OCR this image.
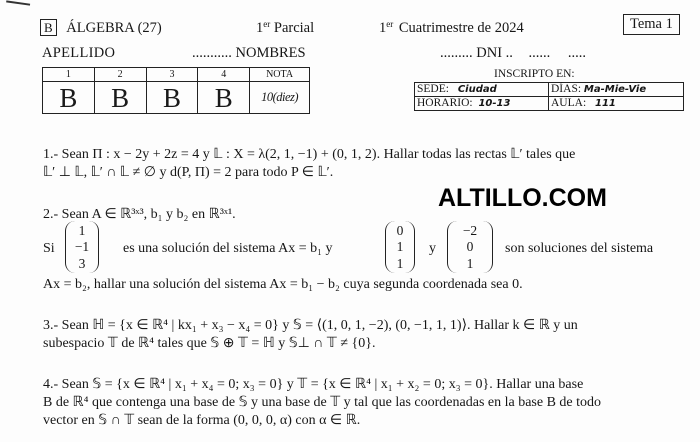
B ÁLGEBRA (27)	1er Parcial	1er Cuatrimestre de 2024	Tema 1
APELLIDO	........... NOMBRES	......... DNI .. ...... .....
1	2	3	4	NOTA
B	B	B	B	10(diez)
INSCRIPTO EN:
SEDE: Ciudad	DÍAS: Ma-Mie-Vie
HORARIO: 10-13	AULA: 111
1.- Sean Π : x − 2y + 2z = 4 y 𝕃 : X = λ(2, 1, −1) + (0, 1, 2). Hallar todas las rectas 𝕃′ tales que
𝕃′ ⊥ 𝕃, 𝕃′ ∩ 𝕃 ≠ ∅ y d(P, Π) = 2 para todo P ∈ 𝕃′.
ALTILLO.COM
2.- Sean A ∈ ℝ³ˣ³, b₁ y b₂ en ℝ³ˣ¹.
Si
1
−1
3
es una solución del sistema Ax = b₁ y
0
1
1
y
−2
0
1
son soluciones del sistema
Ax = b₂, hallar una solución del sistema Ax = b₁ − b₂ cuya segunda coordenada sea 0.
3.- Sean ℍ = {x ∈ ℝ⁴ | kx₁ + x₃ − x₄ = 0} y 𝕊 = ⟨(1, 0, 1, −2), (0, −1, 1, 1)⟩. Hallar k ∈ ℝ y un
subespacio 𝕋 de ℝ⁴ tales que 𝕊 ⊕ 𝕋 = ℍ y 𝕊⊥ ∩ 𝕋 ≠ {0}.
4.- Sean 𝕊 = {x ∈ ℝ⁴ | x₁ + x₄ = 0; x₃ = 0} y 𝕋 = {x ∈ ℝ⁴ | x₁ + x₂ = 0; x₃ = 0}. Hallar una base
B de ℝ⁴ que contenga una base de 𝕊 y una base de 𝕋 y tal que las coordenadas en la base B de todo
vector en 𝕊 ∩ 𝕋 sean de la forma (0, 0, 0, α) con α ∈ ℝ.
